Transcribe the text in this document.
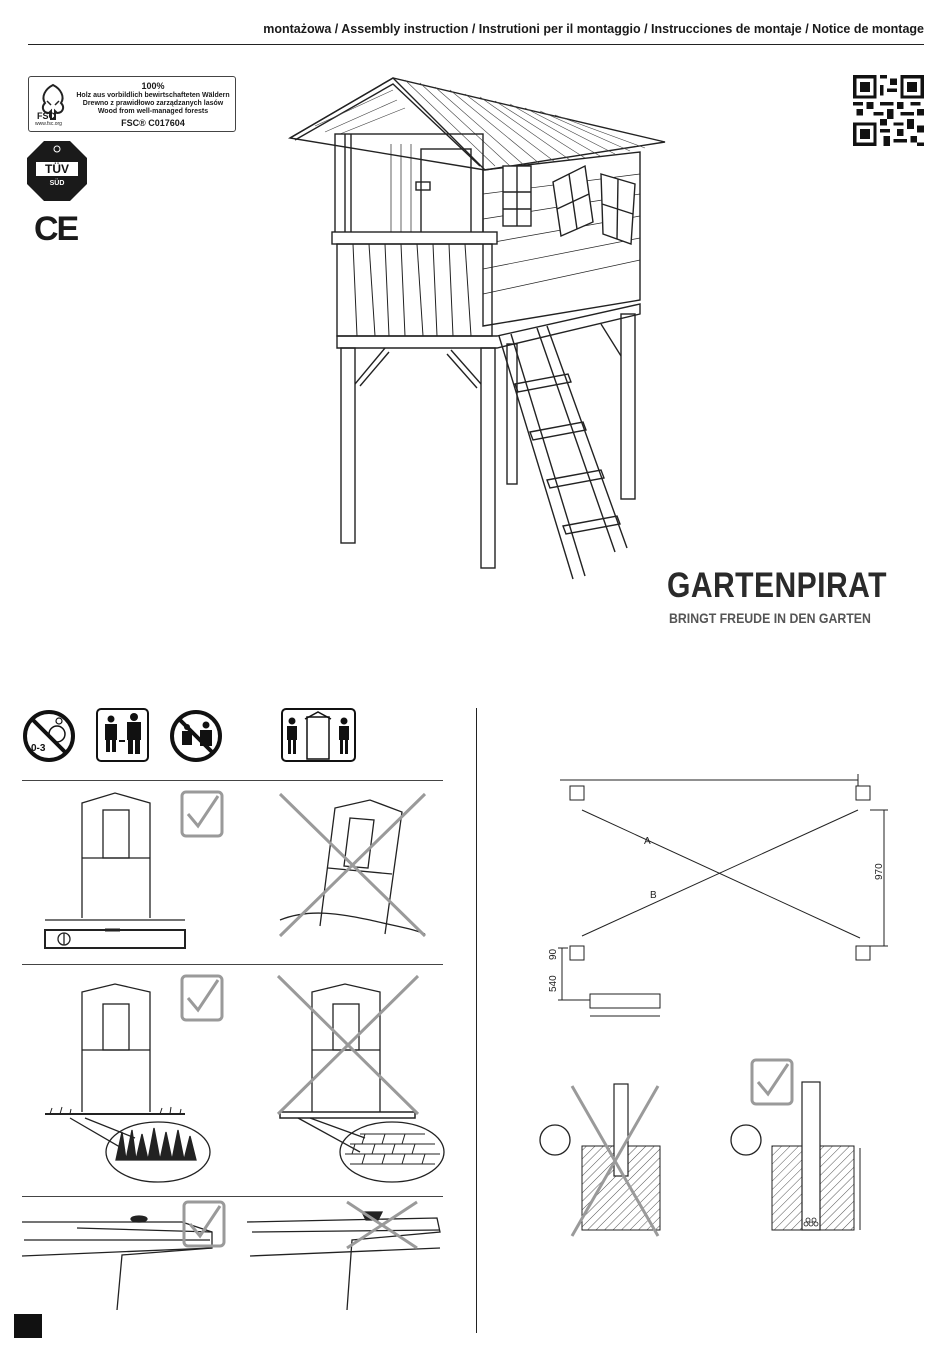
montażowa / Assembly instruction / Instrutioni per il montaggio / Instrucciones de montaje / Notice de montage
FSC
www.fsc.org
100%
Holz aus vorbildlich bewirtschafteten Wäldern
Drewno z prawidłowo zarządzanych lasów
Wood from well-managed forests
FSC® C017604
TÜV
SÜD
CE
GARTENPIRAT
BRINGT FREUDE IN DEN GARTEN
0-3
A
B
970
90
540
